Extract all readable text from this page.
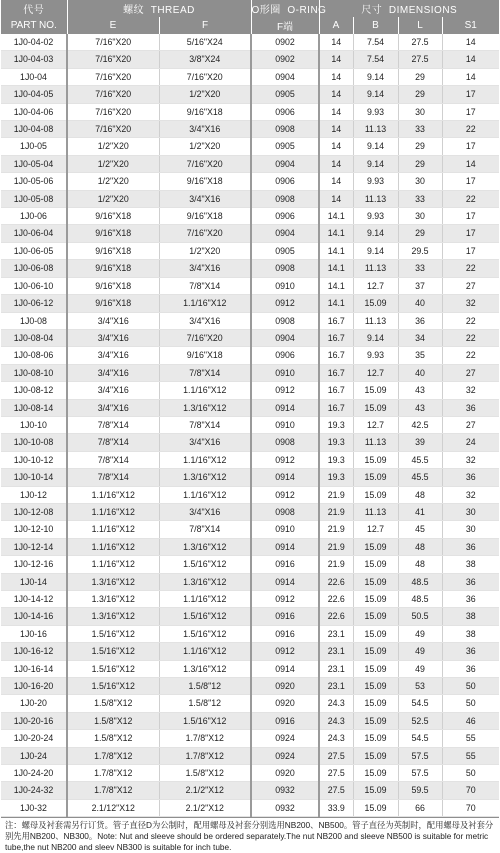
代号	螺纹 THREAD		O形圈 O-RING	尺寸 DIMENSIONS			
PART NO.	E	F	F端	A	B	L	S1
1J0-04-02	7/16"X20	5/16"X24	0902	14	7.54	27.5	14
1J0-04-03	7/16"X20	3/8"X24	0902	14	7.54	27.5	14
1J0-04	7/16"X20	7/16"X20	0904	14	9.14	29	14
1J0-04-05	7/16"X20	1/2"X20	0905	14	9.14	29	17
1J0-04-06	7/16"X20	9/16"X18	0906	14	9.93	30	17
1J0-04-08	7/16"X20	3/4"X16	0908	14	11.13	33	22
1J0-05	1/2"X20	1/2"X20	0905	14	9.14	29	17
1J0-05-04	1/2"X20	7/16"X20	0904	14	9.14	29	14
1J0-05-06	1/2"X20	9/16"X18	0906	14	9.93	30	17
1J0-05-08	1/2"X20	3/4"X16	0908	14	11.13	33	22
1J0-06	9/16"X18	9/16"X18	0906	14.1	9.93	30	17
1J0-06-04	9/16"X18	7/16"X20	0904	14.1	9.14	29	17
1J0-06-05	9/16"X18	1/2"X20	0905	14.1	9.14	29.5	17
1J0-06-08	9/16"X18	3/4"X16	0908	14.1	11.13	33	22
1J0-06-10	9/16"X18	7/8"X14	0910	14.1	12.7	37	27
1J0-06-12	9/16"X18	1.1/16"X12	0912	14.1	15.09	40	32
1J0-08	3/4"X16	3/4"X16	0908	16.7	11.13	36	22
1J0-08-04	3/4"X16	7/16"X20	0904	16.7	9.14	34	22
1J0-08-06	3/4"X16	9/16"X18	0906	16.7	9.93	35	22
1J0-08-10	3/4"X16	7/8"X14	0910	16.7	12.7	40	27
1J0-08-12	3/4"X16	1.1/16"X12	0912	16.7	15.09	43	32
1J0-08-14	3/4"X16	1.3/16"X12	0914	16.7	15.09	43	36
1J0-10	7/8"X14	7/8"X14	0910	19.3	12.7	42.5	27
1J0-10-08	7/8"X14	3/4"X16	0908	19.3	11.13	39	24
1J0-10-12	7/8"X14	1.1/16"X12	0912	19.3	15.09	45.5	32
1J0-10-14	7/8"X14	1.3/16"X12	0914	19.3	15.09	45.5	36
1J0-12	1.1/16"X12	1.1/16"X12	0912	21.9	15.09	48	32
1J0-12-08	1.1/16"X12	3/4"X16	0908	21.9	11.13	41	30
1J0-12-10	1.1/16"X12	7/8"X14	0910	21.9	12.7	45	30
1J0-12-14	1.1/16"X12	1.3/16"X12	0914	21.9	15.09	48	36
1J0-12-16	1.1/16"X12	1.5/16"X12	0916	21.9	15.09	48	38
1J0-14	1.3/16"X12	1.3/16"X12	0914	22.6	15.09	48.5	36
1J0-14-12	1.3/16"X12	1.1/16"X12	0912	22.6	15.09	48.5	36
1J0-14-16	1.3/16"X12	1.5/16"X12	0916	22.6	15.09	50.5	38
1J0-16	1.5/16"X12	1.5/16"X12	0916	23.1	15.09	49	38
1J0-16-12	1.5/16"X12	1.1/16"X12	0912	23.1	15.09	49	36
1J0-16-14	1.5/16"X12	1.3/16"X12	0914	23.1	15.09	49	36
1J0-16-20	1.5/16"X12	1.5/8"12	0920	23.1	15.09	53	50
1J0-20	1.5/8"X12	1.5/8"12	0920	24.3	15.09	54.5	50
1J0-20-16	1.5/8"X12	1.5/16"X12	0916	24.3	15.09	52.5	46
1J0-20-24	1.5/8"X12	1.7/8"X12	0924	24.3	15.09	54.5	55
1J0-24	1.7/8"X12	1.7/8"X12	0924	27.5	15.09	57.5	55
1J0-24-20	1.7/8"X12	1.5/8"X12	0920	27.5	15.09	57.5	50
1J0-24-32	1.7/8"X12	2.1/2"X12	0932	27.5	15.09	59.5	70
1J0-32	2.1/12"X12	2.1/2"X12	0932	33.9	15.09	66	70
注：螺母及衬套需另行订货。管子直径D为公制时，配用螺母及衬套分别选用NB200、NB500。管子直径为英制时，配用螺母及衬套分别先用NB200、NB300。Note: Nut and sleeve should be ordered separately.The nut NB200 and sleeve NB500 is suitable for metric tube,the nut NB200 and sleev NB300 is suitable for inch tube.
